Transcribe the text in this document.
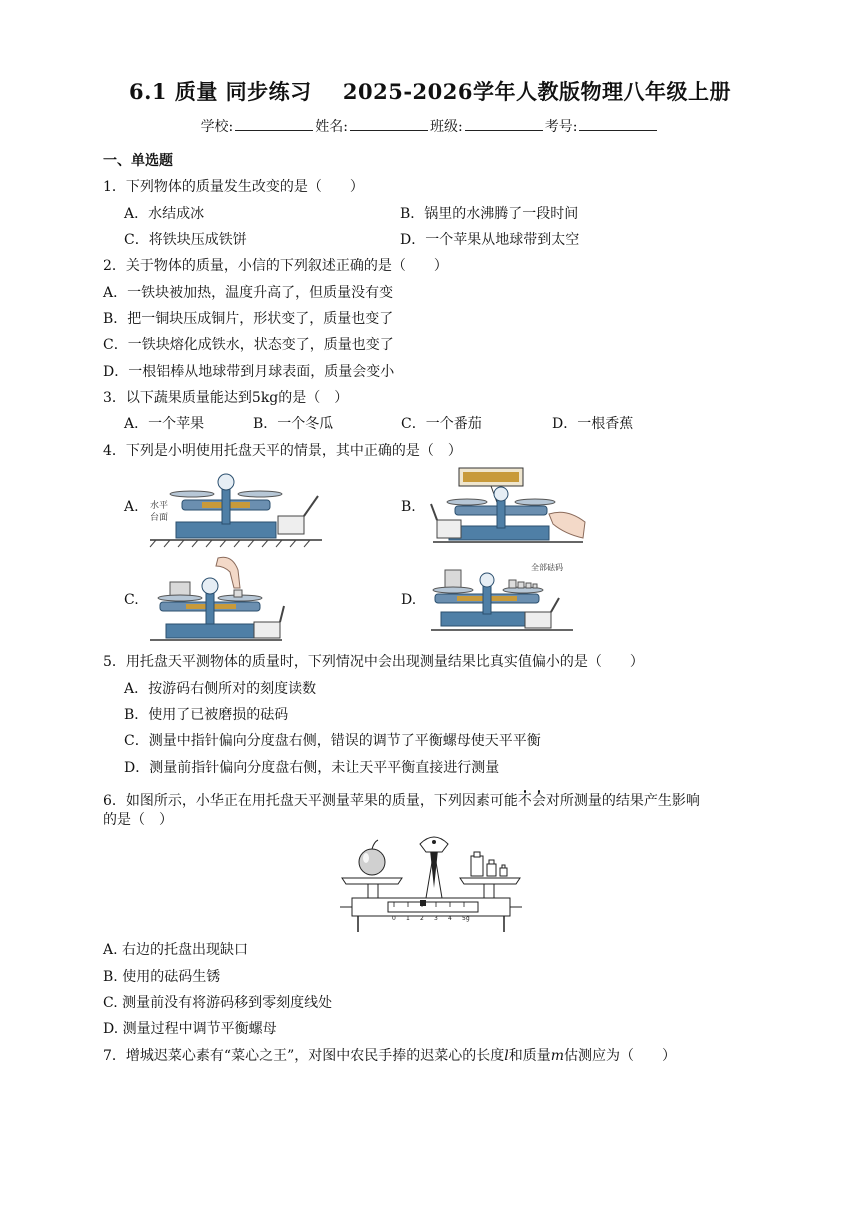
6.1 质量 同步练习    2025-2026学年人教版物理八年级上册
学校:	姓名:	班级:	考号:
一、单选题
1．下列物体的质量发生改变的是（　　）
A．水结成冰	B．锅里的水沸腾了一段时间
C．将铁块压成铁饼	D．一个苹果从地球带到太空
2．关于物体的质量，小信的下列叙述正确的是（　　）
A．一铁块被加热，温度升高了，但质量没有变
B．把一铜块压成铜片，形状变了，质量也变了
C．一铁块熔化成铁水，状态变了，质量也变了
D．一根铝棒从地球带到月球表面，质量会变小
3．以下蔬果质量能达到5kg的是（　）
A．一个苹果	B．一个冬瓜	C．一个番茄	D．一根香蕉
4．下列是小明使用托盘天平的情景，其中正确的是（　）
A. 水平
台面
B.
C.	D.
全部砝码
5．用托盘天平测物体的质量时，下列情况中会出现测量结果比真实值偏小的是（　　）
A．按游码右侧所对的刻度读数
B．使用了已被磨损的砝码
C．测量中指针偏向分度盘右侧，错误的调节了平衡螺母使天平平衡
D．测量前指针偏向分度盘右侧，未让天平平衡直接进行测量
6．如图所示，小华正在用托盘天平测量苹果的质量，下列因素可能不会对所测量的结果产生影响
的是（　）
0 1 2 3 4 5g
A. 右边的托盘出现缺口
B. 使用的砝码生锈
C. 测量前没有将游码移到零刻度线处
D. 测量过程中调节平衡螺母
7．增城迟菜心素有“菜心之王”，对图中农民手捧的迟菜心的长度l和质量m估测应为（　　）
